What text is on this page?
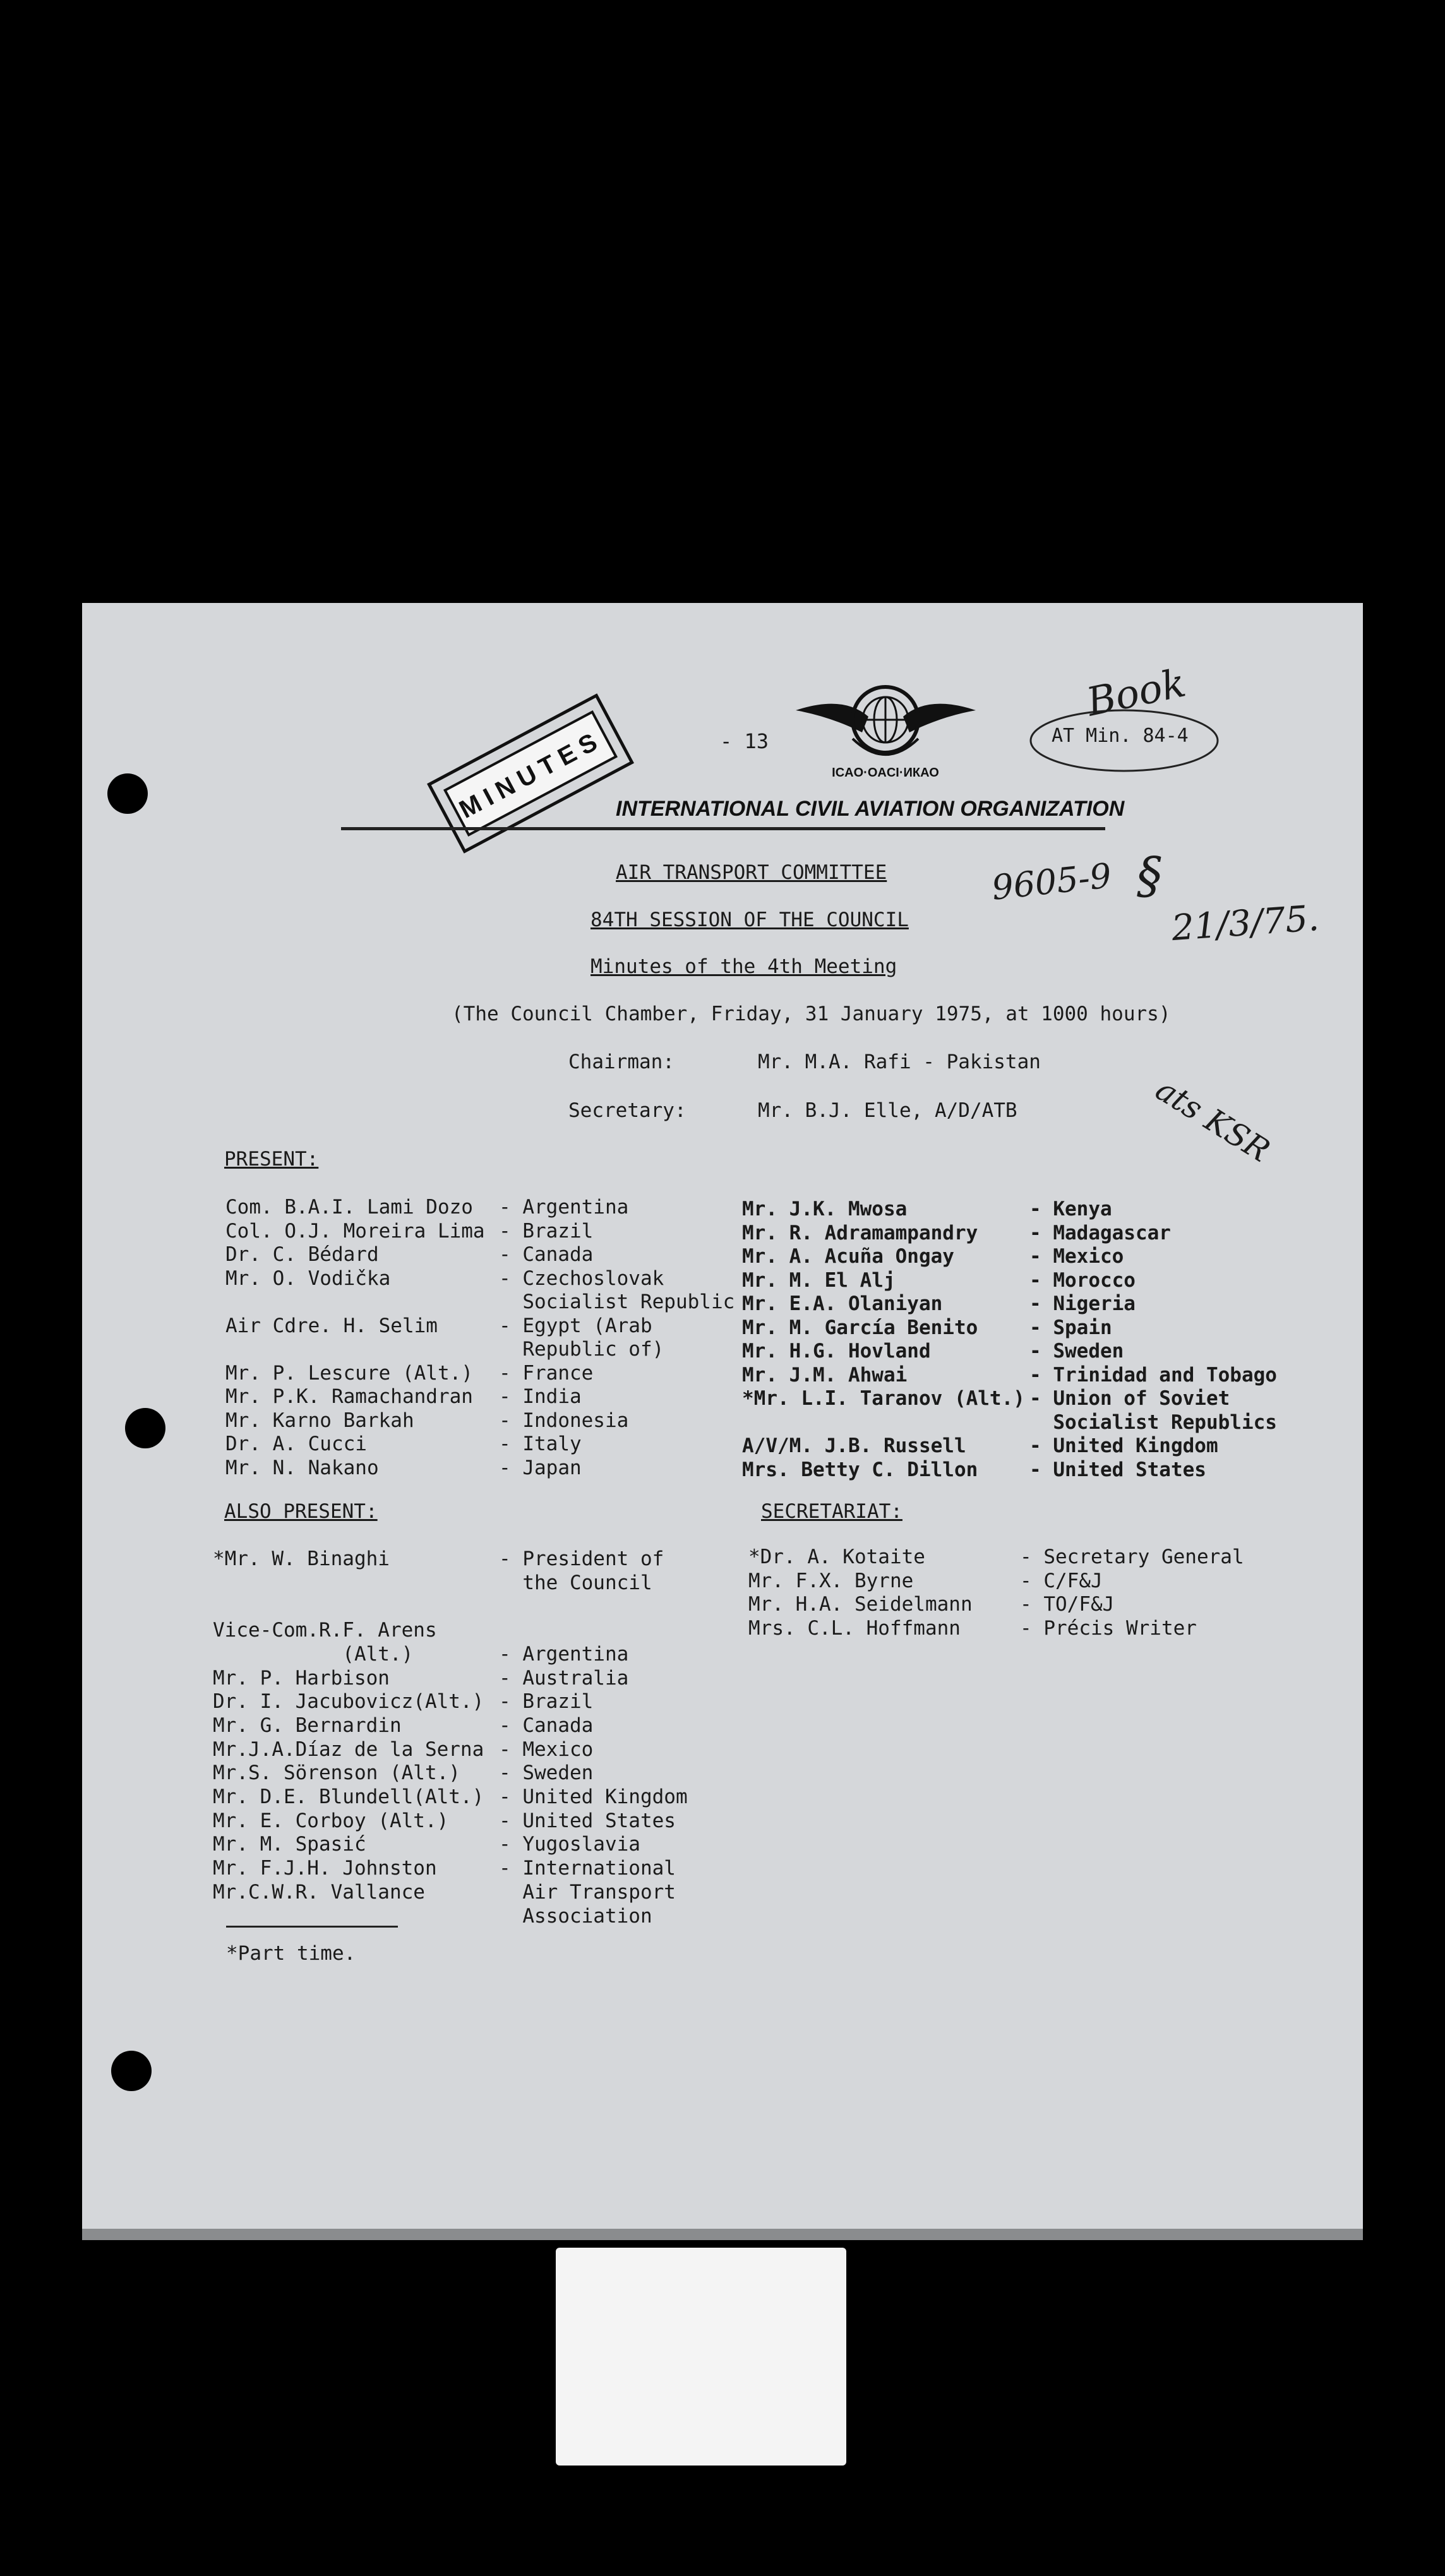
MINUTES	- 13
ICAO·OACI·ИКАО
INTERNATIONAL CIVIL AVIATION ORGANIZATION
AT Min. 84-4
Book
9605-9 §
21/3/75.
ats KSR
AIR TRANSPORT COMMITTEE
84TH SESSION OF THE COUNCIL
Minutes of the 4th Meeting
(The Council Chamber, Friday, 31 January 1975, at 1000 hours)
Chairman:	Mr. M.A. Rafi - Pakistan
Secretary:	Mr. B.J. Elle, A/D/ATB
PRESENT:
Com. B.A.I. Lami Dozo - Argentina
Col. O.J. Moreira Lima - Brazil
Dr. C. Bédard	- Canada
Mr. O. Vodička	- Czechoslovak
Socialist Republic
Air Cdre. H. Selim	- Egypt (Arab
Republic of)
Mr. P. Lescure (Alt.) - France
Mr. P.K. Ramachandran - India
Mr. Karno Barkah	- Indonesia
Dr. A. Cucci	- Italy
Mr. N. Nakano	- Japan
Mr. J.K. Mwosa	- Kenya
Mr. R. Adramampandry	- Madagascar
Mr. A. Acuña Ongay	- Mexico
Mr. M. El Alj	- Morocco
Mr. E.A. Olaniyan	- Nigeria
Mr. M. García Benito	- Spain
Mr. H.G. Hovland	- Sweden
Mr. J.M. Ahwai	- Trinidad and Tobago
*Mr. L.I. Taranov (Alt.) - Union of Soviet
Socialist Republics
A/V/M. J.B. Russell	- United Kingdom
Mrs. Betty C. Dillon	- United States
ALSO PRESENT:
*Mr. W. Binaghi	- President of
the Council
Vice-Com.R.F. Arens
(Alt.)	- Argentina
Mr. P. Harbison	- Australia
Dr. I. Jacubovicz(Alt.) - Brazil
Mr. G. Bernardin	- Canada
Mr.J.A.Díaz de la Serna - Mexico
Mr.S. Sörenson (Alt.) - Sweden
Mr. D.E. Blundell(Alt.) - United Kingdom
Mr. E. Corboy (Alt.)	- United States
Mr. M. Spasić	- Yugoslavia
Mr. F.J.H. Johnston	- International
Mr.C.W.R. Vallance	Air Transport
Association
SECRETARIAT:
*Dr. A. Kotaite	- Secretary General
Mr. F.X. Byrne	- C/F&J
Mr. H.A. Seidelmann - TO/F&J
Mrs. C.L. Hoffmann	- Précis Writer
*Part time.
